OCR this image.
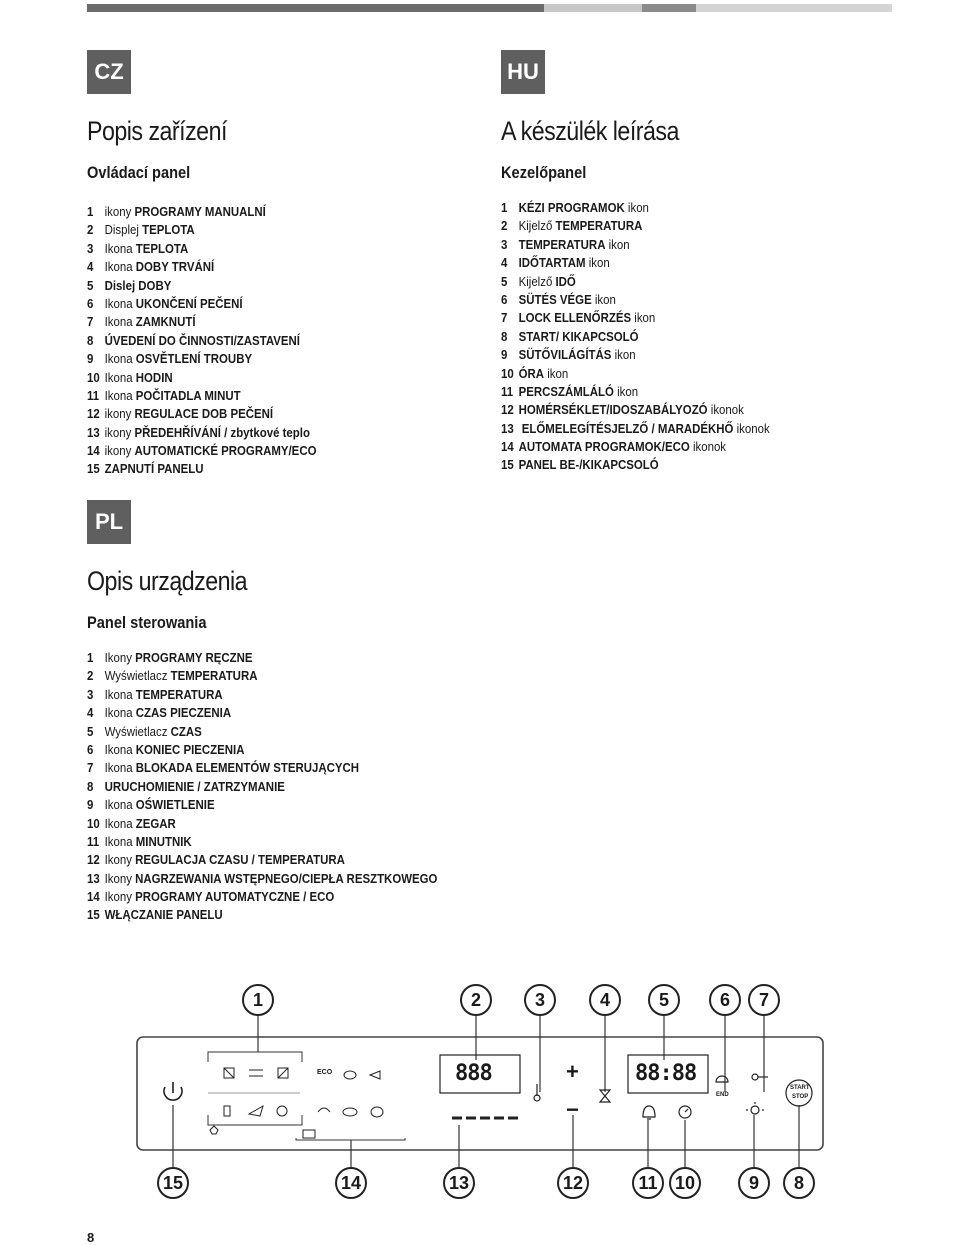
CZ
Popis zařízení
Ovládací panel
1 ikony PROGRAMY MANUALNÍ
2 Displej TEPLOTA
3 Ikona TEPLOTA
4 Ikona DOBY TRVÁNÍ
5 Dislej DOBY
6 Ikona UKONČENÍ PEČENÍ
7 Ikona ZAMKNUTÍ
8 ÚVEDENÍ DO ČINNOSTI/ZASTAVENÍ
9 Ikona OSVĚTLENÍ TROUBY
10 Ikona HODIN
11 Ikona POČITADLA MINUT
12 ikony REGULACE DOB PEČENÍ
13 ikony PŘEDEHŘÍVÁNÍ / zbytkové teplo
14 ikony AUTOMATICKÉ PROGRAMY/ECO
15 ZAPNUTÍ PANELU
HU
A készülék leírása
Kezelőpanel
1 KÉZI PROGRAMOK ikon
2 Kijelző TEMPERATURA
3 TEMPERATURA ikon
4 IDŐTARTAM ikon
5 Kijelző IDŐ
6 SÜTÉS VÉGE ikon
7 LOCK ELLENŐRZÉS ikon
8 START/ KIKAPCSOLÓ
9 SÜTŐVILÁGÍTÁS ikon
10 ÓRA ikon
11 PERCSZÁMLÁLÓ ikon
12 HOMÉRSÉKLET/IDOSZABÁLYOZÓ ikonok
13 ELŐMELEGÍTÉSJELZŐ / MARADÉKHŐ ikonok
14 AUTOMATA PROGRAMOK/ECO ikonok
15 PANEL BE-/KIKAPCSOLÓ
PL
Opis urządzenia
Panel sterowania
1 Ikony PROGRAMY RĘCZNE
2 Wyświetlacz TEMPERATURA
3 Ikona TEMPERATURA
4 Ikona CZAS PIECZENIA
5 Wyświetlacz CZAS
6 Ikona KONIEC PIECZENIA
7 Ikona BLOKADA ELEMENTÓW STERUJĄCYCH
8 URUCHOMIENIE / ZATRZYMANIE
9 Ikona OŚWIETLENIE
10 Ikona ZEGAR
11 Ikona MINUTNIK
12 Ikony REGULACJA CZASU / TEMPERATURA
13 Ikony NAGRZEWANIA WSTĘPNEGO/CIEPŁA RESZTKOWEGO
14 Ikony PROGRAMY AUTOMATYCZNE / ECO
15 WŁĄCZANIE PANELU
ECO	888	88:88
+
−
END
START
STOP
1	2	3	4	5	6	7
15	14	13	12	11 10	9	8
8
